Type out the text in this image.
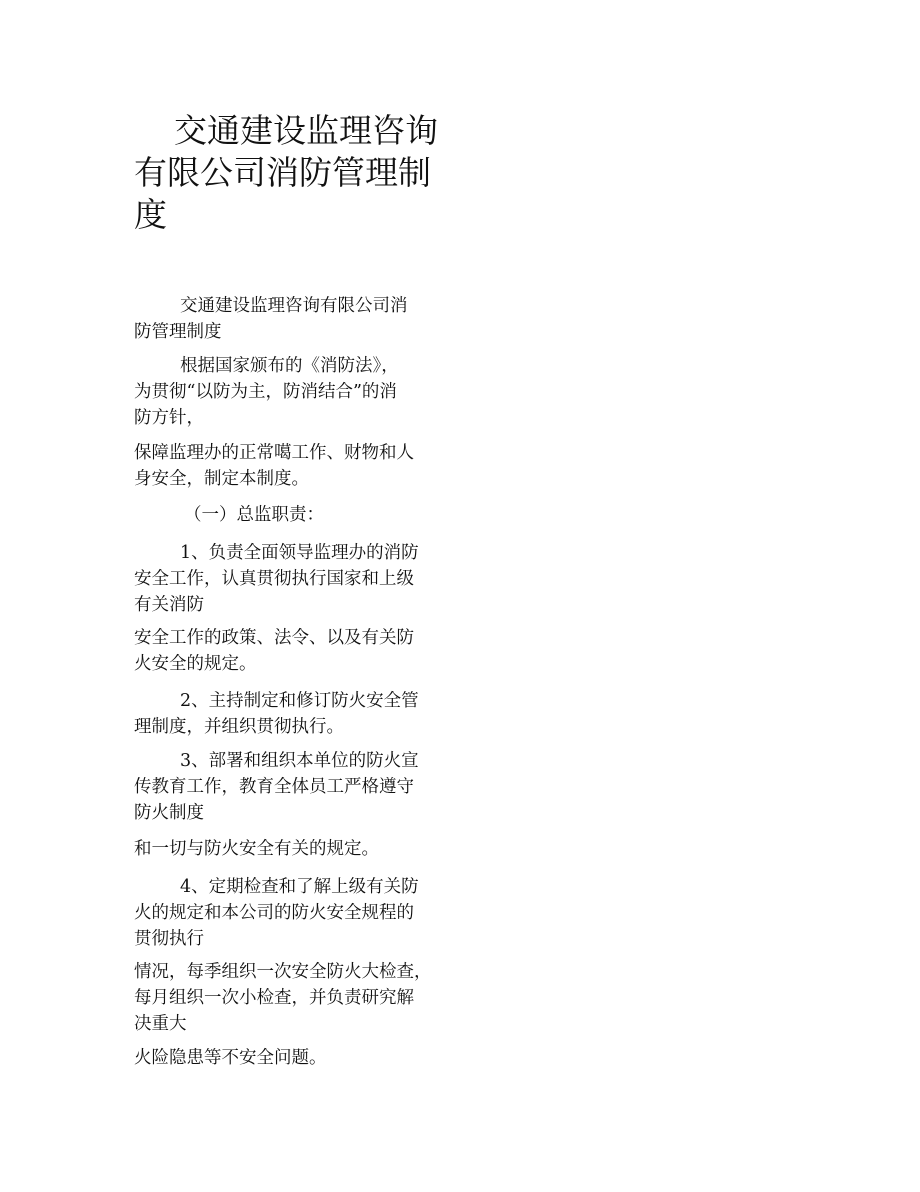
交通建设监理咨询
有限公司消防管理制
度

交通建设监理咨询有限公司消
防管理制度

根据国家颁布的《消防法》，
为贯彻“以防为主，防消结合”的消
防方针，

保障监理办的正常噶工作、财物和人
身安全，制定本制度。

（一）总监职责：

1、负责全面领导监理办的消防
安全工作，认真贯彻执行国家和上级
有关消防

安全工作的政策、法令、以及有关防
火安全的规定。

2、主持制定和修订防火安全管
理制度，并组织贯彻执行。

3、部署和组织本单位的防火宣
传教育工作，教育全体员工严格遵守
防火制度

和一切与防火安全有关的规定。

4、定期检查和了解上级有关防
火的规定和本公司的防火安全规程的
贯彻执行

情况，每季组织一次安全防火大检查，
每月组织一次小检查，并负责研究解
决重大

火险隐患等不安全问题。
